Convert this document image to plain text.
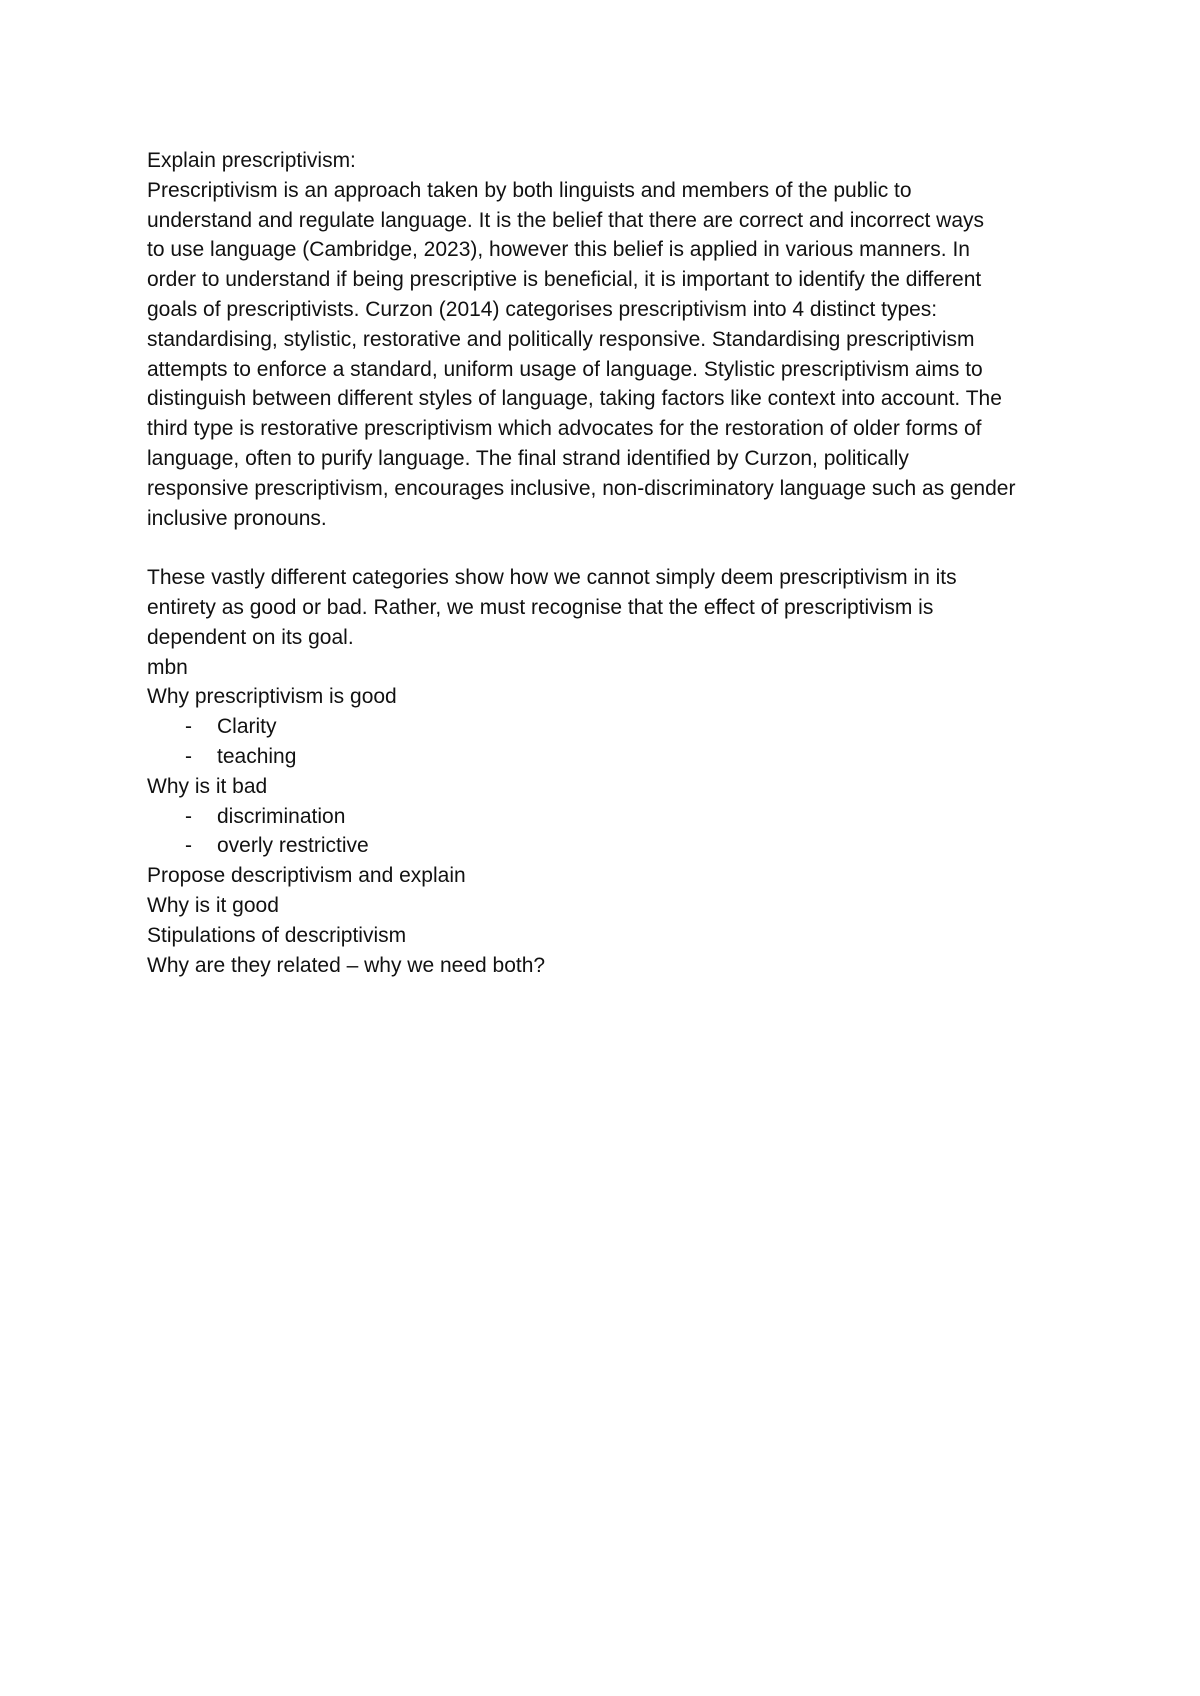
Explain prescriptivism:
Prescriptivism is an approach taken by both linguists and members of the public to
understand and regulate language. It is the belief that there are correct and incorrect ways
to use language (Cambridge, 2023), however this belief is applied in various manners. In
order to understand if being prescriptive is beneficial, it is important to identify the different
goals of prescriptivists. Curzon (2014) categorises prescriptivism into 4 distinct types:
standardising, stylistic, restorative and politically responsive. Standardising prescriptivism
attempts to enforce a standard, uniform usage of language. Stylistic prescriptivism aims to
distinguish between different styles of language, taking factors like context into account. The
third type is restorative prescriptivism which advocates for the restoration of older forms of
language, often to purify language. The final strand identified by Curzon, politically
responsive prescriptivism, encourages inclusive, non-discriminatory language such as gender
inclusive pronouns.
These vastly different categories show how we cannot simply deem prescriptivism in its
entirety as good or bad. Rather, we must recognise that the effect of prescriptivism is
dependent on its goal.
mbn
Why prescriptivism is good
- Clarity
- teaching
Why is it bad
- discrimination
- overly restrictive
Propose descriptivism and explain
Why is it good
Stipulations of descriptivism
Why are they related – why we need both?
